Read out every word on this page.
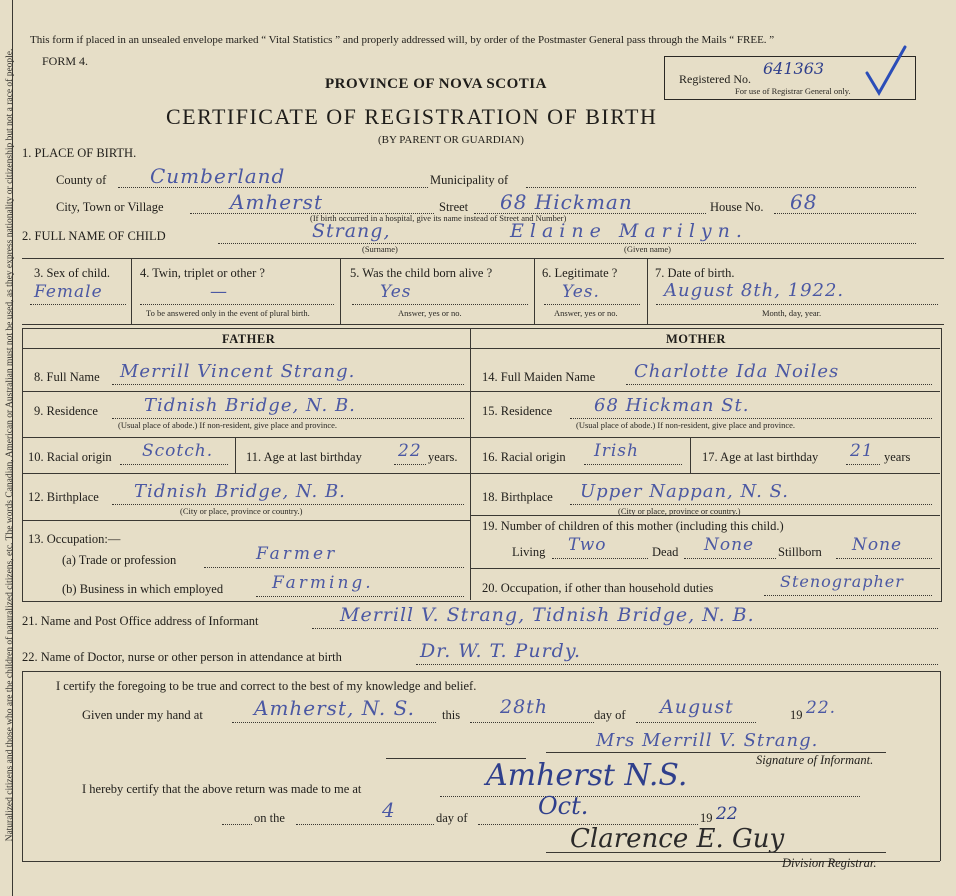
Naturalized citizens and those who are the children of naturalized citizens, etc. The words Canadian, American or Australian must not be used, as they express nationality or citizenship but not a race of people.
This form if placed in an unsealed envelope marked “ Vital Statistics ” and properly addressed will, by order of the Postmaster General pass through the Mails “ FREE. ”
FORM 4.
PROVINCE OF NOVA SCOTIA
CERTIFICATE OF REGISTRATION OF BIRTH
(BY PARENT OR GUARDIAN)
Registered No.
641363
For use of Registrar General only.
1. PLACE OF BIRTH.
County of Cumberland	Municipality of
City, Town or Village	Amherst	Street 68 Hickman	House No. 68
(If birth occurred in a hospital, give its name instead of Street and Number)
2. FULL NAME OF CHILD	Strang,
(Surname)
Elaine Marilyn.
(Given name)
3. Sex of child.
Female
4. Twin, triplet or other ?
—
To be answered only in the event of plural birth.
5. Was the child born alive ?
Yes
Answer, yes or no.
6. Legitimate ?
Yes.
Answer, yes or no.
7. Date of birth.
August 8th, 1922.
Month, day, year.
FATHER	MOTHER
8. Full Name Merrill Vincent Strang.
9. Residence	Tidnish Bridge, N. B.
(Usual place of abode.) If non-resident, give place and province.
10. Racial origin Scotch.	11. Age at last birthday 22 years.
12. Birthplace Tidnish Bridge, N. B.
(City or place, province or country.)
13. Occupation:—
(a) Trade or profession	Farmer
(b) Business in which employed	Farming.
14. Full Maiden Name Charlotte Ida Noiles
15. Residence 68 Hickman St.
(Usual place of abode.) If non-resident, give place and province.
16. Racial origin Irish	17. Age at last birthday 21 years
18. Birthplace Upper Nappan, N. S.
(City or place, province or country.)
19. Number of children of this mother (including this child.)
Living Two	Dead None Stillborn None
20. Occupation, if other than household duties	Stenographer
21. Name and Post Office address of Informant	Merrill V. Strang, Tidnish Bridge, N. B.
22. Name of Doctor, nurse or other person in attendance at birth	Dr. W. T. Purdy.
I certify the foregoing to be true and correct to the best of my knowledge and belief.
Given under my hand at	Amherst, N. S. this 28th	day of August	19 22.
Mrs Merrill V. Strang.
Signature of Informant.
I hereby certify that the above return was made to me at	Amherst N.S.
on the	4	day of	Oct.	19 22
Clarence E. Guy
Division Registrar.
